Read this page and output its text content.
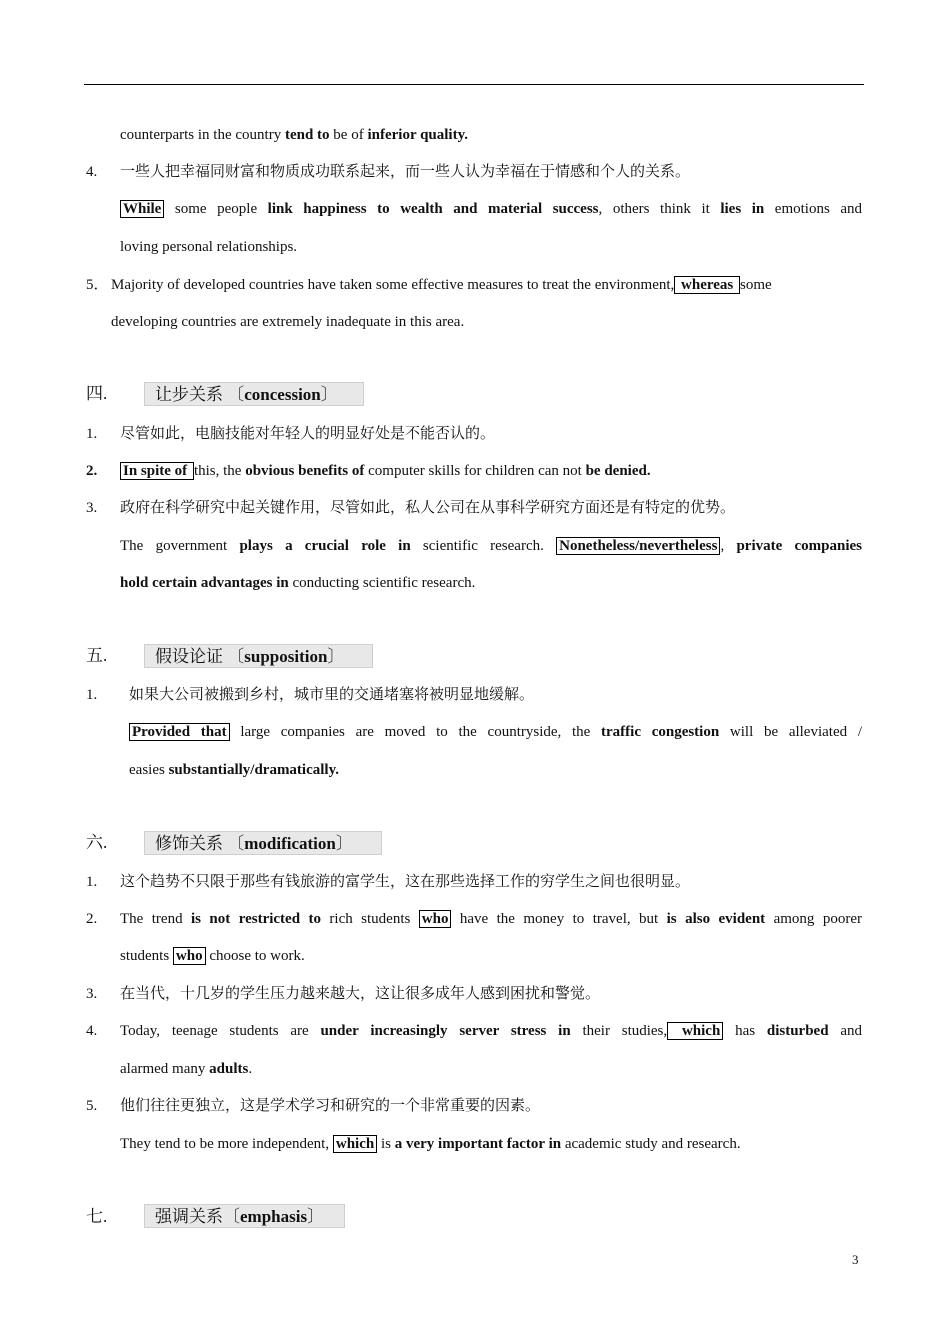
counterparts in the country tend to be of inferior quality.
4. 一些人把幸福同财富和物质成功联系起来，而一些人认为幸福在于情感和个人的关系。
While some people link happiness to wealth and material success, others think it lies in emotions and
loving personal relationships.
5． Majority of developed countries have taken some effective measures to treat the environment, whereas some
developing countries are extremely inadequate in this area.
四.	让步关系 〔concession〕
1. 尽管如此，电脑技能对年轻人的明显好处是不能否认的。
2. In spite of this, the obvious benefits of computer skills for children can not be denied.
3. 政府在科学研究中起关键作用，尽管如此，私人公司在从事科学研究方面还是有特定的优势。
The government plays a crucial role in scientific research. Nonetheless/nevertheless , private companies
hold certain advantages in conducting scientific research.
五.	假设论证 〔supposition〕
1. 如果大公司被搬到乡村，城市里的交通堵塞将被明显地缓解。
Provided that large companies are moved to the countryside, the traffic congestion will be alleviated /
easies substantially/dramatically.
六.	修饰关系 〔modification〕
1. 这个趋势不只限于那些有钱旅游的富学生，这在那些选择工作的穷学生之间也很明显。
2. The trend is not restricted to rich students who have the money to travel, but is also evident among poorer
students who choose to work.
3. 在当代，十几岁的学生压力越来越大，这让很多成年人感到困扰和警觉。
4. Today, teenage students are under increasingly server stress in their studies, which has disturbed and
alarmed many adults.
5. 他们往往更独立，这是学术学习和研究的一个非常重要的因素。
They tend to be more independent, which is a very important factor in academic study and research.
七.	强调关系〔emphasis〕
3
